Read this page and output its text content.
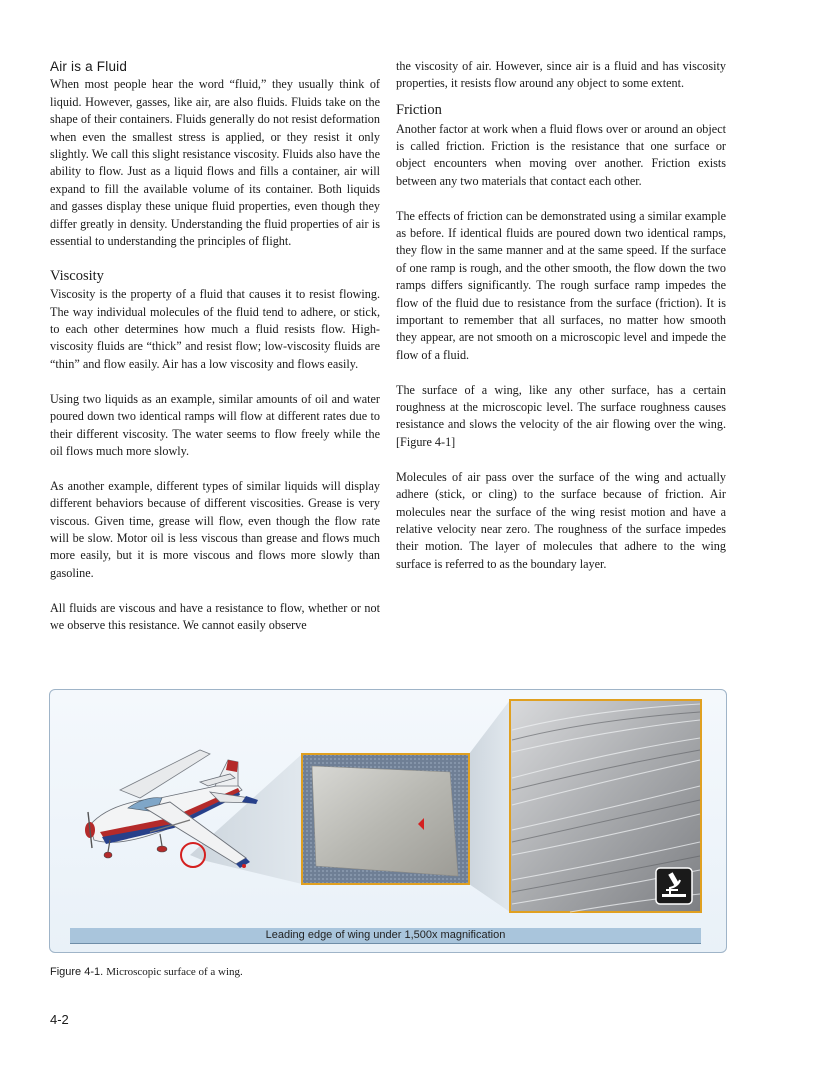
Air is a Fluid

When most people hear the word “fluid,” they usually think of liquid. However, gasses, like air, are also fluids. Fluids take on the shape of their containers. Fluids generally do not resist deformation when even the smallest stress is applied, or they resist it only slightly. We call this slight resistance viscosity. Fluids also have the ability to flow. Just as a liquid flows and fills a container, air will expand to fill the available volume of its container. Both liquids and gasses display these unique fluid properties, even though they differ greatly in density. Understanding the fluid properties of air is essential to understanding the principles of flight.

Viscosity

Viscosity is the property of a fluid that causes it to resist flowing. The way individual molecules of the fluid tend to adhere, or stick, to each other determines how much a fluid resists flow. High-viscosity fluids are “thick” and resist flow; low-viscosity fluids are “thin” and flow easily. Air has a low viscosity and flows easily.

Using two liquids as an example, similar amounts of oil and water poured down two identical ramps will flow at different rates due to their different viscosity. The water seems to flow freely while the oil flows much more slowly.

As another example, different types of similar liquids will display different behaviors because of different viscosities. Grease is very viscous. Given time, grease will flow, even though the flow rate will be slow. Motor oil is less viscous than grease and flows much more easily, but it is more viscous and flows more slowly than gasoline.

All fluids are viscous and have a resistance to flow, whether or not we observe this resistance. We cannot easily observe

the viscosity of air. However, since air is a fluid and has viscosity properties, it resists flow around any object to some extent.

Friction

Another factor at work when a fluid flows over or around an object is called friction. Friction is the resistance that one surface or object encounters when moving over another. Friction exists between any two materials that contact each other.

The effects of friction can be demonstrated using a similar example as before. If identical fluids are poured down two identical ramps, they flow in the same manner and at the same speed. If the surface of one ramp is rough, and the other smooth, the flow down the two ramps differs significantly. The rough surface ramp impedes the flow of the fluid due to resistance from the surface (friction). It is important to remember that all surfaces, no matter how smooth they appear, are not smooth on a microscopic level and impede the flow of a fluid.

The surface of a wing, like any other surface, has a certain roughness at the microscopic level. The surface roughness causes resistance and slows the velocity of the air flowing over the wing. [Figure 4-1]

Molecules of air pass over the surface of the wing and actually adhere (stick, or cling) to the surface because of friction. Air molecules near the surface of the wing resist motion and have a relative velocity near zero. The roughness of the surface impedes their motion. The layer of molecules that adhere to the wing surface is referred to as the boundary layer.

Leading edge of wing under 1,500x magnification
Figure 4-1. Microscopic surface of a wing.
4-2
